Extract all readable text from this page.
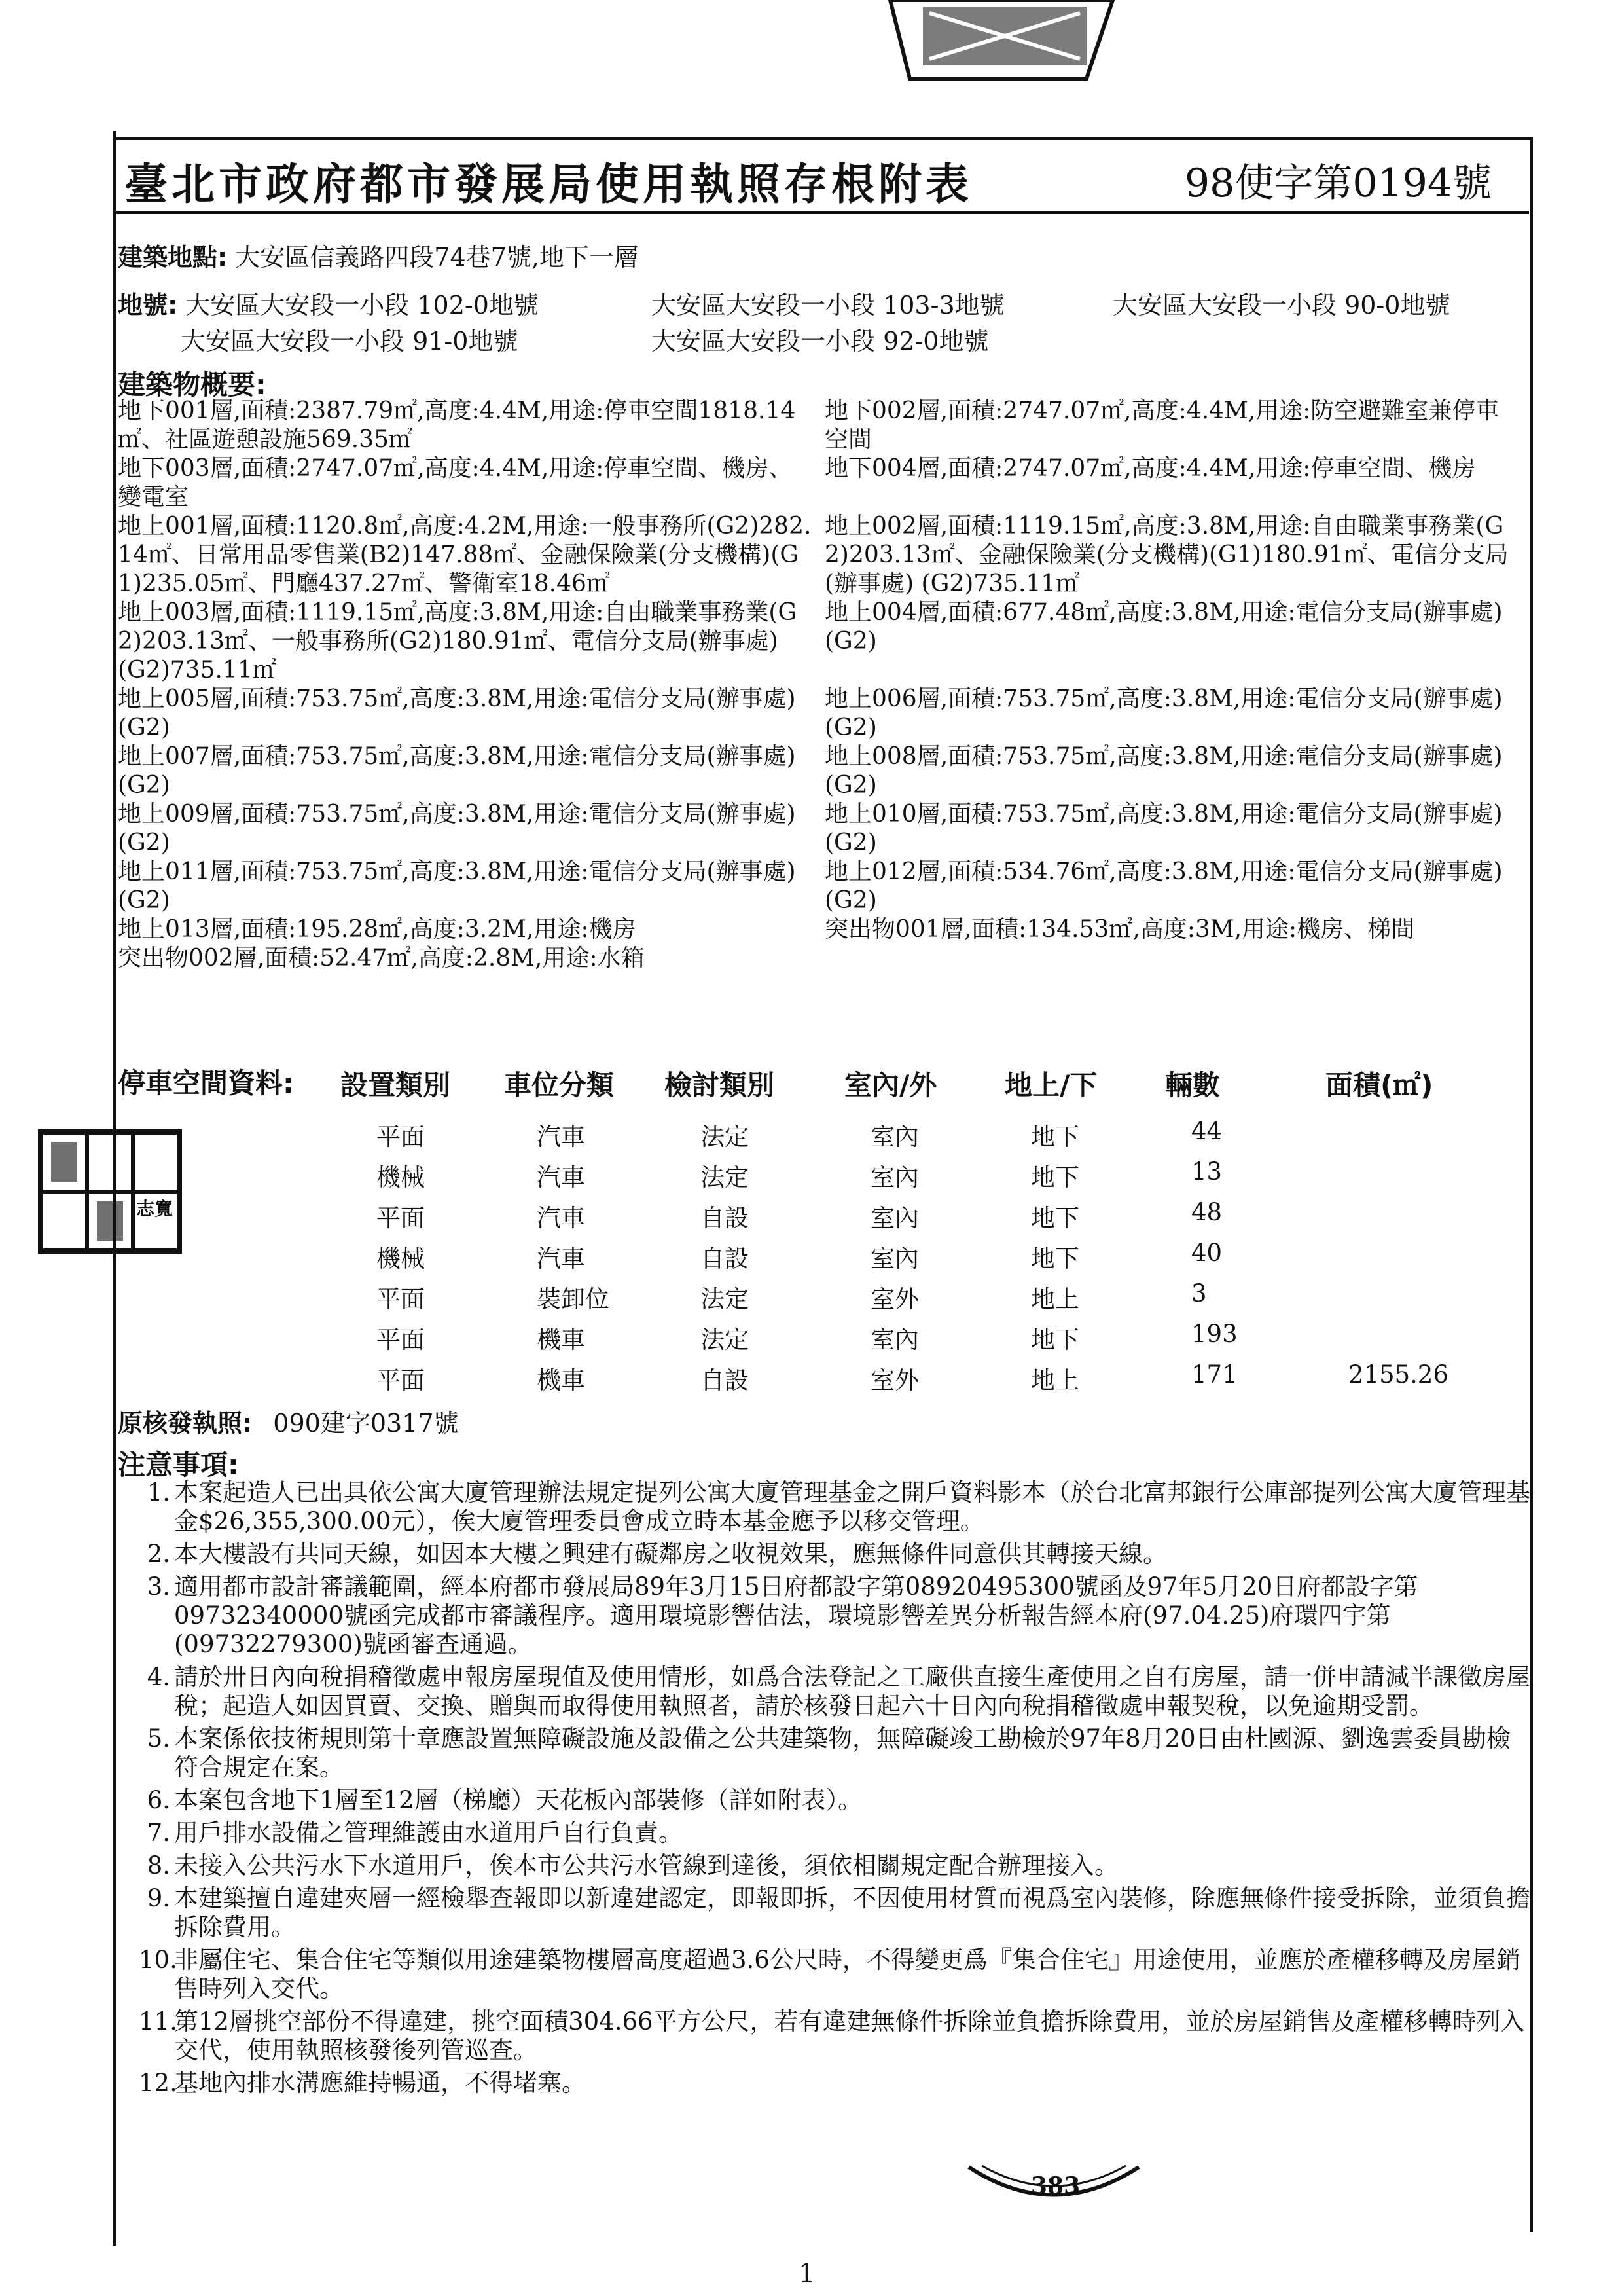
臺北市政府都市發展局使用執照存根附表	98使字第0194號
建築地點: 大安區信義路四段74巷7號,地下一層
地號: 大安區大安段一小段 102-0地號	大安區大安段一小段 103-3地號	大安區大安段一小段 90-0地號
大安區大安段一小段 91-0地號	大安區大安段一小段 92-0地號
建築物概要:
地下001層,面積:2387.79㎡,高度:4.4M,用途:停車空間1818.14㎡、社區遊憩設施569.35㎡
地下002層,面積:2747.07㎡,高度:4.4M,用途:防空避難室兼停車空間
地下003層,面積:2747.07㎡,高度:4.4M,用途:停車空間、機房、變電室
地下004層,面積:2747.07㎡,高度:4.4M,用途:停車空間、機房
地上001層,面積:1120.8㎡,高度:4.2M,用途:一般事務所(G2)282.14㎡、日常用品零售業(B2)147.88㎡、金融保險業(分支機構)(G1)235.05㎡、門廳437.27㎡、警衛室18.46㎡
地上002層,面積:1119.15㎡,高度:3.8M,用途:自由職業事務業(G2)203.13㎡、金融保險業(分支機構)(G1)180.91㎡、電信分支局(辦事處) (G2)735.11㎡
地上003層,面積:1119.15㎡,高度:3.8M,用途:自由職業事務業(G2)203.13㎡、一般事務所(G2)180.91㎡、電信分支局(辦事處) (G2)735.11㎡
地上004層,面積:677.48㎡,高度:3.8M,用途:電信分支局(辦事處) (G2)
地上005層,面積:753.75㎡,高度:3.8M,用途:電信分支局(辦事處) (G2)
地上006層,面積:753.75㎡,高度:3.8M,用途:電信分支局(辦事處) (G2)
地上007層,面積:753.75㎡,高度:3.8M,用途:電信分支局(辦事處) (G2)
地上008層,面積:753.75㎡,高度:3.8M,用途:電信分支局(辦事處) (G2)
地上009層,面積:753.75㎡,高度:3.8M,用途:電信分支局(辦事處) (G2)
地上010層,面積:753.75㎡,高度:3.8M,用途:電信分支局(辦事處) (G2)
地上011層,面積:753.75㎡,高度:3.8M,用途:電信分支局(辦事處) (G2)
地上012層,面積:534.76㎡,高度:3.8M,用途:電信分支局(辦事處) (G2)
地上013層,面積:195.28㎡,高度:3.2M,用途:機房	突出物001層,面積:134.53㎡,高度:3M,用途:機房、梯間
突出物002層,面積:52.47㎡,高度:2.8M,用途:水箱
停車空間資料: 設置類別 車位分類 檢討類別	室內/外 地上/下 輛數	面積(㎡)
平面	汽車	法定	室內	地下	44
機械	汽車	法定	室內	地下	13
平面	汽車	自設	室內	地下	48
機械	汽車	自設	室內	地下	40
平面	裝卸位	法定	室外	地上	3
平面	機車	法定	室內	地下	193
平面	機車	自設	室外	地上	171	2155.26
志寬
原核發執照: 090建字0317號
注意事項:
1. 本案起造人已出具依公寓大廈管理辦法規定提列公寓大廈管理基金之開戶資料影本（於台北富邦銀行公庫部提列公寓大廈管理基金$26,355,300.00元），俟大廈管理委員會成立時本基金應予以移交管理。
2. 本大樓設有共同天線，如因本大樓之興建有礙鄰房之收視效果，應無條件同意供其轉接天線。
3. 適用都市設計審議範圍，經本府都市發展局89年3月15日府都設字第08920495300號函及97年5月20日府都設字第09732340000號函完成都市審議程序。適用環境影響估法，環境影響差異分析報告經本府(97.04.25)府環四宇第(09732279300)號函審查通過。
4. 請於卅日內向稅捐稽徵處申報房屋現值及使用情形，如爲合法登記之工廠供直接生產使用之自有房屋，請一併申請減半課徵房屋稅；起造人如因買賣、交換、贈與而取得使用執照者，請於核發日起六十日內向稅捐稽徵處申報契稅，以免逾期受罰。
5. 本案係依技術規則第十章應設置無障礙設施及設備之公共建築物，無障礙竣工勘檢於97年8月20日由杜國源、劉逸雲委員勘檢符合規定在案。
6. 本案包含地下1層至12層（梯廳）天花板內部裝修（詳如附表）。
7. 用戶排水設備之管理維護由水道用戶自行負責。
8. 未接入公共污水下水道用戶，俟本市公共污水管線到達後，須依相關規定配合辦理接入。
9. 本建築擅自違建夾層一經檢舉查報即以新違建認定，即報即拆，不因使用材質而視爲室內裝修，除應無條件接受拆除，並須負擔拆除費用。
10.
非屬住宅、集合住宅等類似用途建築物樓層高度超過3.6公尺時，不得變更爲『集合住宅』用途使用，並應於產權移轉及房屋銷售時列入交代。
11.
第12層挑空部份不得違建，挑空面積304.66平方公尺，若有違建無條件拆除並負擔拆除費用，並於房屋銷售及產權移轉時列入交代，使用執照核發後列管巡查。
12.
基地內排水溝應維持暢通，不得堵塞。
383
1
